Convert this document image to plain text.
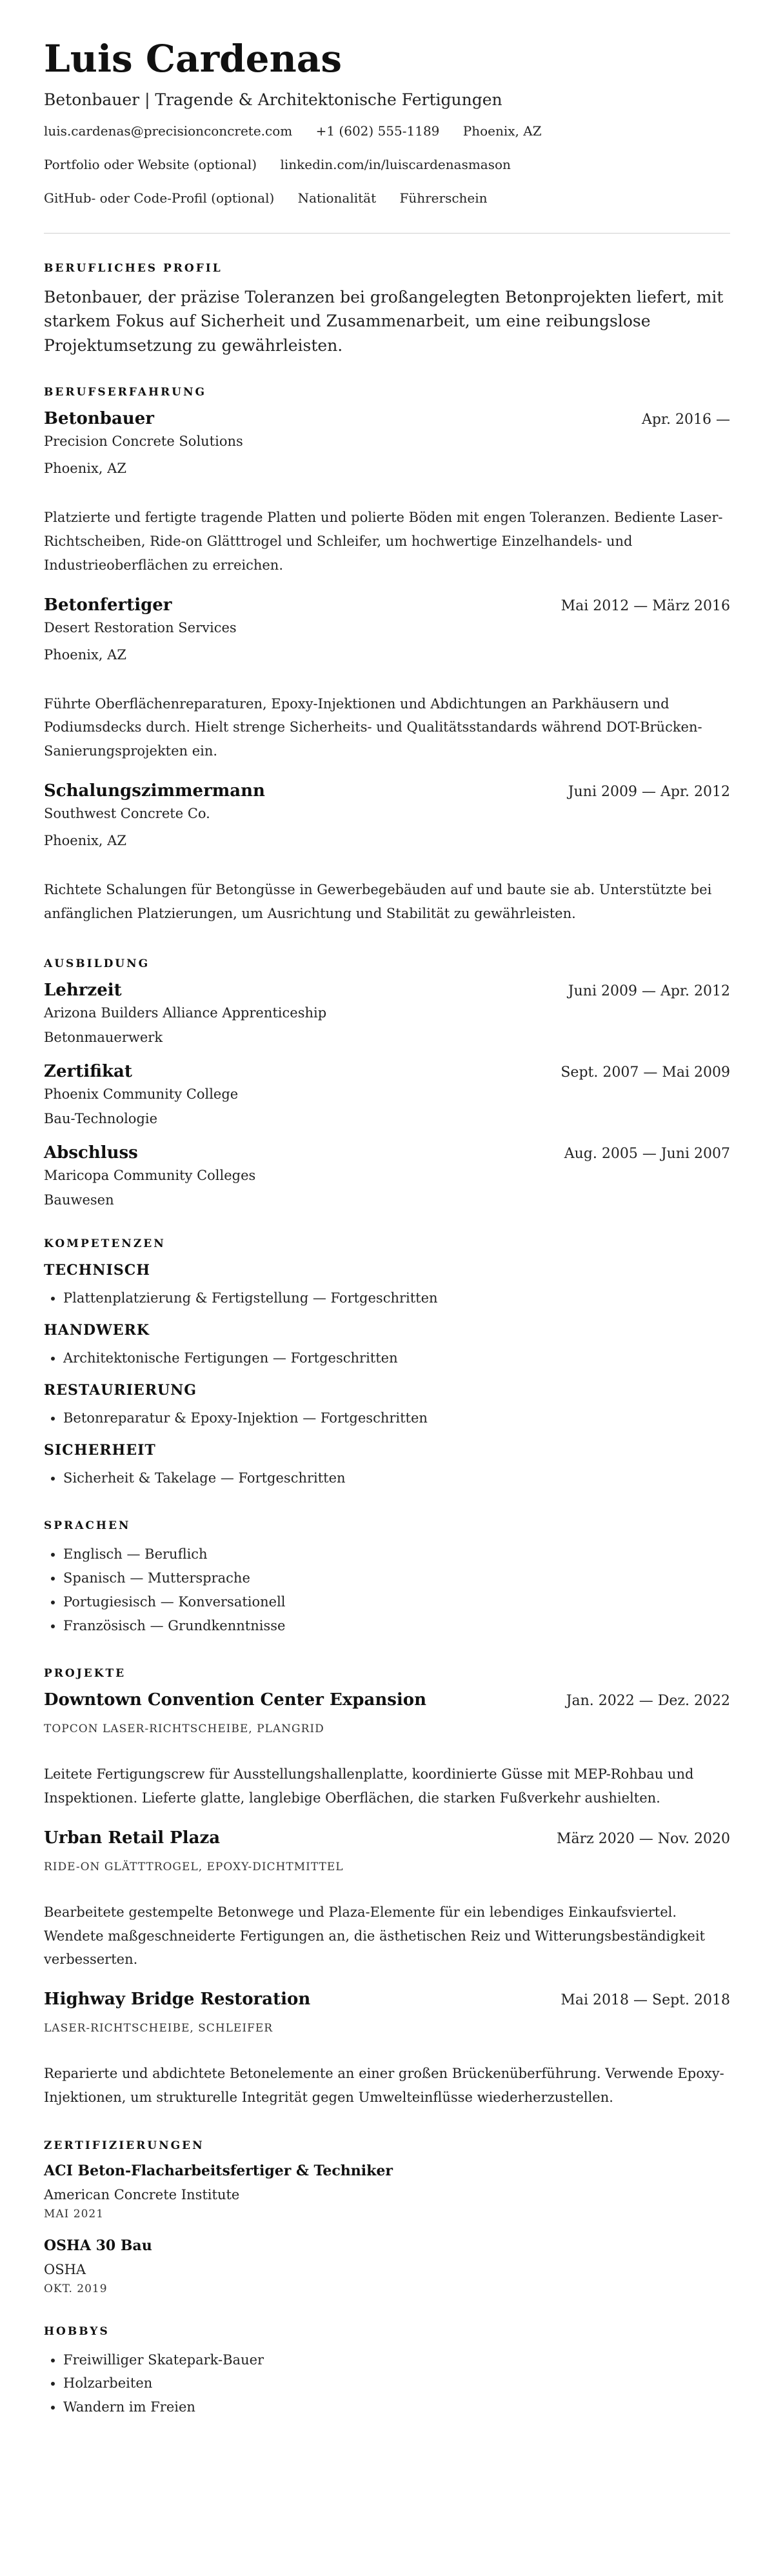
Luis Cardenas
Betonbauer | Tragende & Architektonische Fertigungen
luis.cardenas@precisionconcrete.com +1 (602) 555-1189 Phoenix, AZ
Portfolio oder Website (optional) linkedin.com/in/luiscardenasmason
GitHub- oder Code-Profil (optional) Nationalität Führerschein
BERUFLICHES PROFIL

Betonbauer, der präzise Toleranzen bei großangelegten Betonprojekten liefert, mit starkem Fokus auf Sicherheit und Zusammenarbeit, um eine reibungslose Projektumsetzung zu gewährleisten.

BERUFSERFAHRUNG
Betonbauer	Apr. 2016 —
Precision Concrete Solutions
Phoenix, AZ
Platzierte und fertigte tragende Platten und polierte Böden mit engen Toleranzen. Bediente Laser-Richtscheiben, Ride-on Glätttrogel und Schleifer, um hochwertige Einzelhandels- und Industrieoberflächen zu erreichen.
Betonfertiger	Mai 2012 — März 2016
Desert Restoration Services
Phoenix, AZ
Führte Oberflächenreparaturen, Epoxy-Injektionen und Abdichtungen an Parkhäusern und Podiumsdecks durch. Hielt strenge Sicherheits- und Qualitätsstandards während DOT-Brücken-Sanierungsprojekten ein.
Schalungszimmermann	Juni 2009 — Apr. 2012
Southwest Concrete Co.
Phoenix, AZ
Richtete Schalungen für Betongüsse in Gewerbegebäuden auf und baute sie ab. Unterstützte bei anfänglichen Platzierungen, um Ausrichtung und Stabilität zu gewährleisten.
AUSBILDUNG
Lehrzeit	Juni 2009 — Apr. 2012
Arizona Builders Alliance Apprenticeship
Betonmauerwerk
Zertifikat	Sept. 2007 — Mai 2009
Phoenix Community College
Bau-Technologie
Abschluss	Aug. 2005 — Juni 2007
Maricopa Community Colleges
Bauwesen
KOMPETENZEN
TECHNISCH
• Plattenplatzierung & Fertigstellung — Fortgeschritten
HANDWERK
• Architektonische Fertigungen — Fortgeschritten
RESTAURIERUNG
• Betonreparatur & Epoxy-Injektion — Fortgeschritten
SICHERHEIT
• Sicherheit & Takelage — Fortgeschritten
SPRACHEN
• Englisch — Beruflich
• Spanisch — Muttersprache
• Portugiesisch — Konversationell
• Französisch — Grundkenntnisse
PROJEKTE
Downtown Convention Center Expansion	Jan. 2022 — Dez. 2022
TOPCON LASER-RICHTSCHEIBE, PLANGRID
Leitete Fertigungscrew für Ausstellungshallenplatte, koordinierte Güsse mit MEP-Rohbau und Inspektionen. Lieferte glatte, langlebige Oberflächen, die starken Fußverkehr aushielten.
Urban Retail Plaza	März 2020 — Nov. 2020
RIDE-ON GLÄTTTROGEL, EPOXY-DICHTMITTEL
Bearbeitete gestempelte Betonwege und Plaza-Elemente für ein lebendiges Einkaufsviertel. Wendete maßgeschneiderte Fertigungen an, die ästhetischen Reiz und Witterungsbeständigkeit verbesserten.
Highway Bridge Restoration	Mai 2018 — Sept. 2018
LASER-RICHTSCHEIBE, SCHLEIFER
Reparierte und abdichtete Betonelemente an einer großen Brückenüberführung. Verwende Epoxy-Injektionen, um strukturelle Integrität gegen Umwelteinflüsse wiederherzustellen.
ZERTIFIZIERUNGEN
ACI Beton-Flacharbeitsfertiger & Techniker
American Concrete Institute
MAI 2021
OSHA 30 Bau
OSHA
OKT. 2019
HOBBYS
• Freiwilliger Skatepark-Bauer
• Holzarbeiten
• Wandern im Freien
